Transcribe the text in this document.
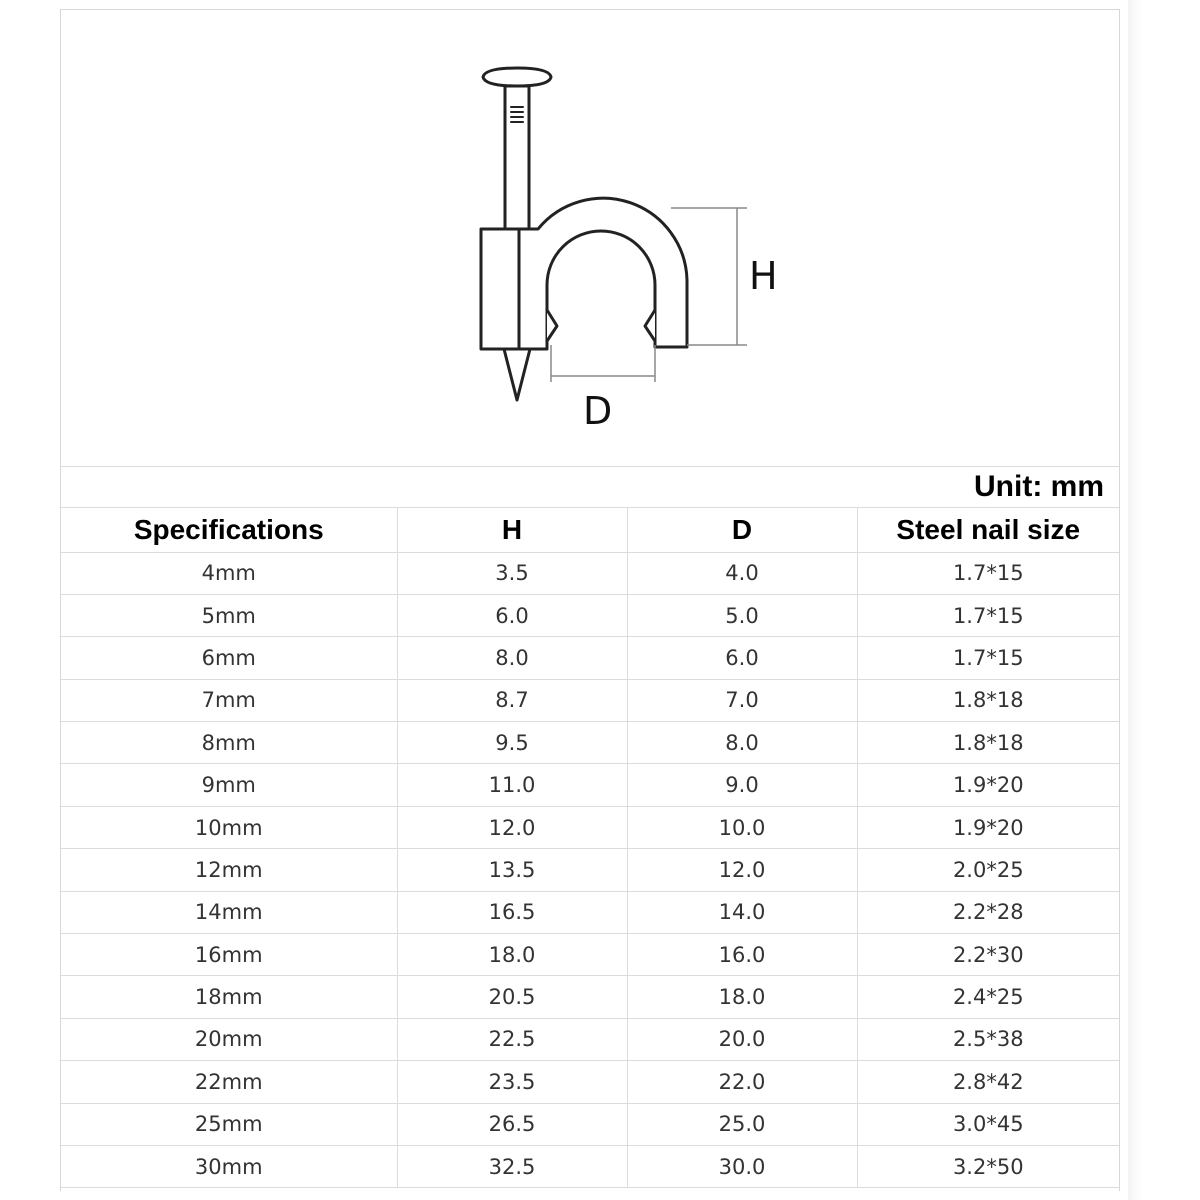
H
D
Unit: mm
Specifications	H	D	Steel nail size
4mm	3.5	4.0	1.7*15
5mm	6.0	5.0	1.7*15
6mm	8.0	6.0	1.7*15
7mm	8.7	7.0	1.8*18
8mm	9.5	8.0	1.8*18
9mm	11.0	9.0	1.9*20
10mm	12.0	10.0	1.9*20
12mm	13.5	12.0	2.0*25
14mm	16.5	14.0	2.2*28
16mm	18.0	16.0	2.2*30
18mm	20.5	18.0	2.4*25
20mm	22.5	20.0	2.5*38
22mm	23.5	22.0	2.8*42
25mm	26.5	25.0	3.0*45
30mm	32.5	30.0	3.2*50
